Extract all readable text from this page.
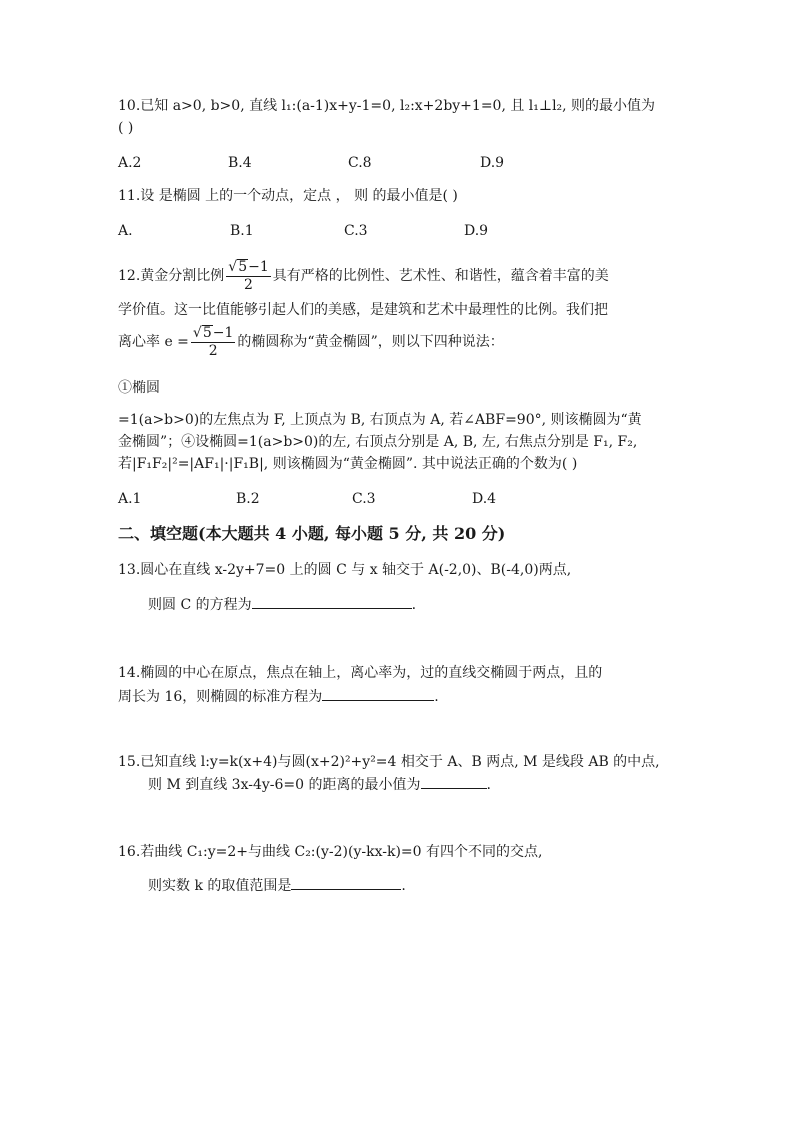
10.已知 a>0, b>0, 直线 l₁:(a-1)x+y-1=0, l₂:x+2by+1=0, 且 l₁⊥l₂, 则的最小值为
( )
A.2	B.4	C.8	D.9
11.设 是椭圆 上的一个动点，定点 ， 则 的最小值是( )
A.	B.1	C.3	D.9
12.黄金分割比例 $\frac{√5-1}{2}$ 具有严格的比例性、艺术性、和谐性，蕴含着丰富的美
学价值。这一比值能够引起人们的美感，是建筑和艺术中最理性的比例。我们把
离心率 $e = \frac{√5-1}{2}$ 的椭圆称为“黄金椭圆”，则以下四种说法：
①椭圆
=1(a>b>0)的左焦点为 F, 上顶点为 B, 右顶点为 A, 若∠ABF=90°, 则该椭圆为“黄
金椭圆”；④设椭圆=1(a>b>0)的左, 右顶点分别是 A, B, 左, 右焦点分别是 F₁, F₂,
若|F₁F₂|²=|AF₁|·|F₁B|, 则该椭圆为“黄金椭圆”. 其中说法正确的个数为( )
A.1	B.2	C.3	D.4
二、填空题(本大题共 4 小题, 每小题 5 分, 共 20 分)
13.圆心在直线 x-2y+7=0 上的圆 C 与 x 轴交于 A(-2,0)、B(-4,0)两点,
则圆 C 的方程为	.
14.椭圆的中心在原点，焦点在轴上，离心率为，过的直线交椭圆于两点，且的
周长为 16，则椭圆的标准方程为	.
15.已知直线 l:y=k(x+4)与圆(x+2)²+y²=4 相交于 A、B 两点, M 是线段 AB 的中点,
则 M 到直线 3x-4y-6=0 的距离的最小值为	.
16.若曲线 C₁:y=2+与曲线 C₂:(y-2)(y-kx-k)=0 有四个不同的交点,
则实数 k 的取值范围是	.
